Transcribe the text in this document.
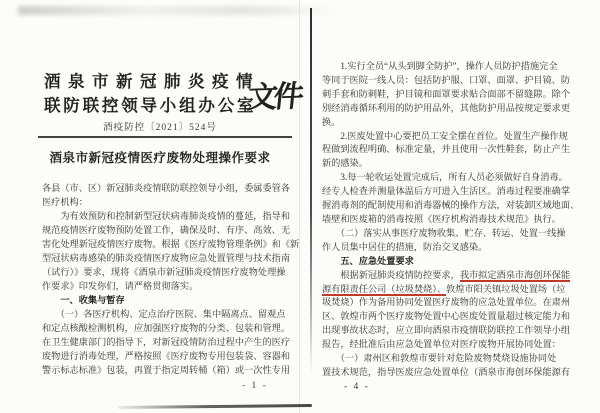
酒泉市新冠肺炎疫情
联防联控领导小组办公室
文件
酒疫防控〔2021〕524号
酒泉市新冠疫情医疗废物处理操作要求
各县（市、区）新冠肺炎疫情联防联控领导小组，委属委管各
医疗机构：
　　为有效预防和控制新型冠状病毒肺炎疫情的蔓延，指导和
规范疫情医疗废物预防处置工作，确保及时、有序、高效、无
害化处理新冠疫情医疗废物。根据《医疗废物管理条例》和《新
型冠状病毒感染的肺炎疫情医疗废物应急处置管理与技术指南
（试行）》要求，现将《酒泉市新冠肺炎疫情医疗废物处理操
作要求》印发你们，请严格贯彻落实。
　　一、收集与暂存
　　（一）各医疗机构、定点治疗医院、集中隔离点、留观点
和定点核酸检测机构，应加强医疗废物的分类、包装和管理。
在卫生健康部门的指导下，对新冠疫情防治过程中产生的医疗
废物进行消毒处理，严格按照《医疗废物专用包装袋、容器和
警示标志标准》包装，再置于指定周转桶（箱）或一次性专用
- 1 -
　　1.实行全员“从头到脚全防护”，操作人员防护措施完全
等同于医院一线人员：包括防护服、口罩、面罩、护目镜、防
刺手套和防刺鞋，护目镜和面罩要求贴合面部不留缝隙。除个
别经消毒循环利用的防护用品外，其他防护用品按规定要求更
换。
　　2.医废处置中心要把员工安全摆在首位。处置生产操作规
程做到流程明确、标准定量，并且使用一次性鞋套，防止产生
新的感染。
　　3.每一轮收运处置完成后，所有人员必须做好自身消毒。
经专人检查并测量体温后方可进入生活区。消毒过程要准确掌
握消毒剂的配制使用和消毒器械的操作方法，对装卸区域地面、
墙壁和医废箱的消毒按照《医疗机构消毒技术规范》执行。
　　（二）落实从事医疗废物收集、贮存、转运、处置一线操
作人员集中居住的措施，防治交叉感染。
　　五、应急处置要求
　　根据新冠肺炎疫情防控要求，我市拟定酒泉市海创环保能
源有限责任公司（垃圾焚烧）、敦煌市阳关镇垃圾处置场（垃
圾焚烧）作为备用协同处置医疗废物的应急处置单位。在肃州
区、敦煌市两个医疗废物处置中心医废处置量超过核定能力和
出现事故状态时，应立即向酒泉市疫情联防联控工作领导小组
报告，经批准后由应急处置单位对医疗废物开展协同处置：
　　（一）肃州区和敦煌市要针对危险废物焚烧设施协同处
置技术规范，指导医废应急处置单位（酒泉市海创环保能源有
- 4 -
